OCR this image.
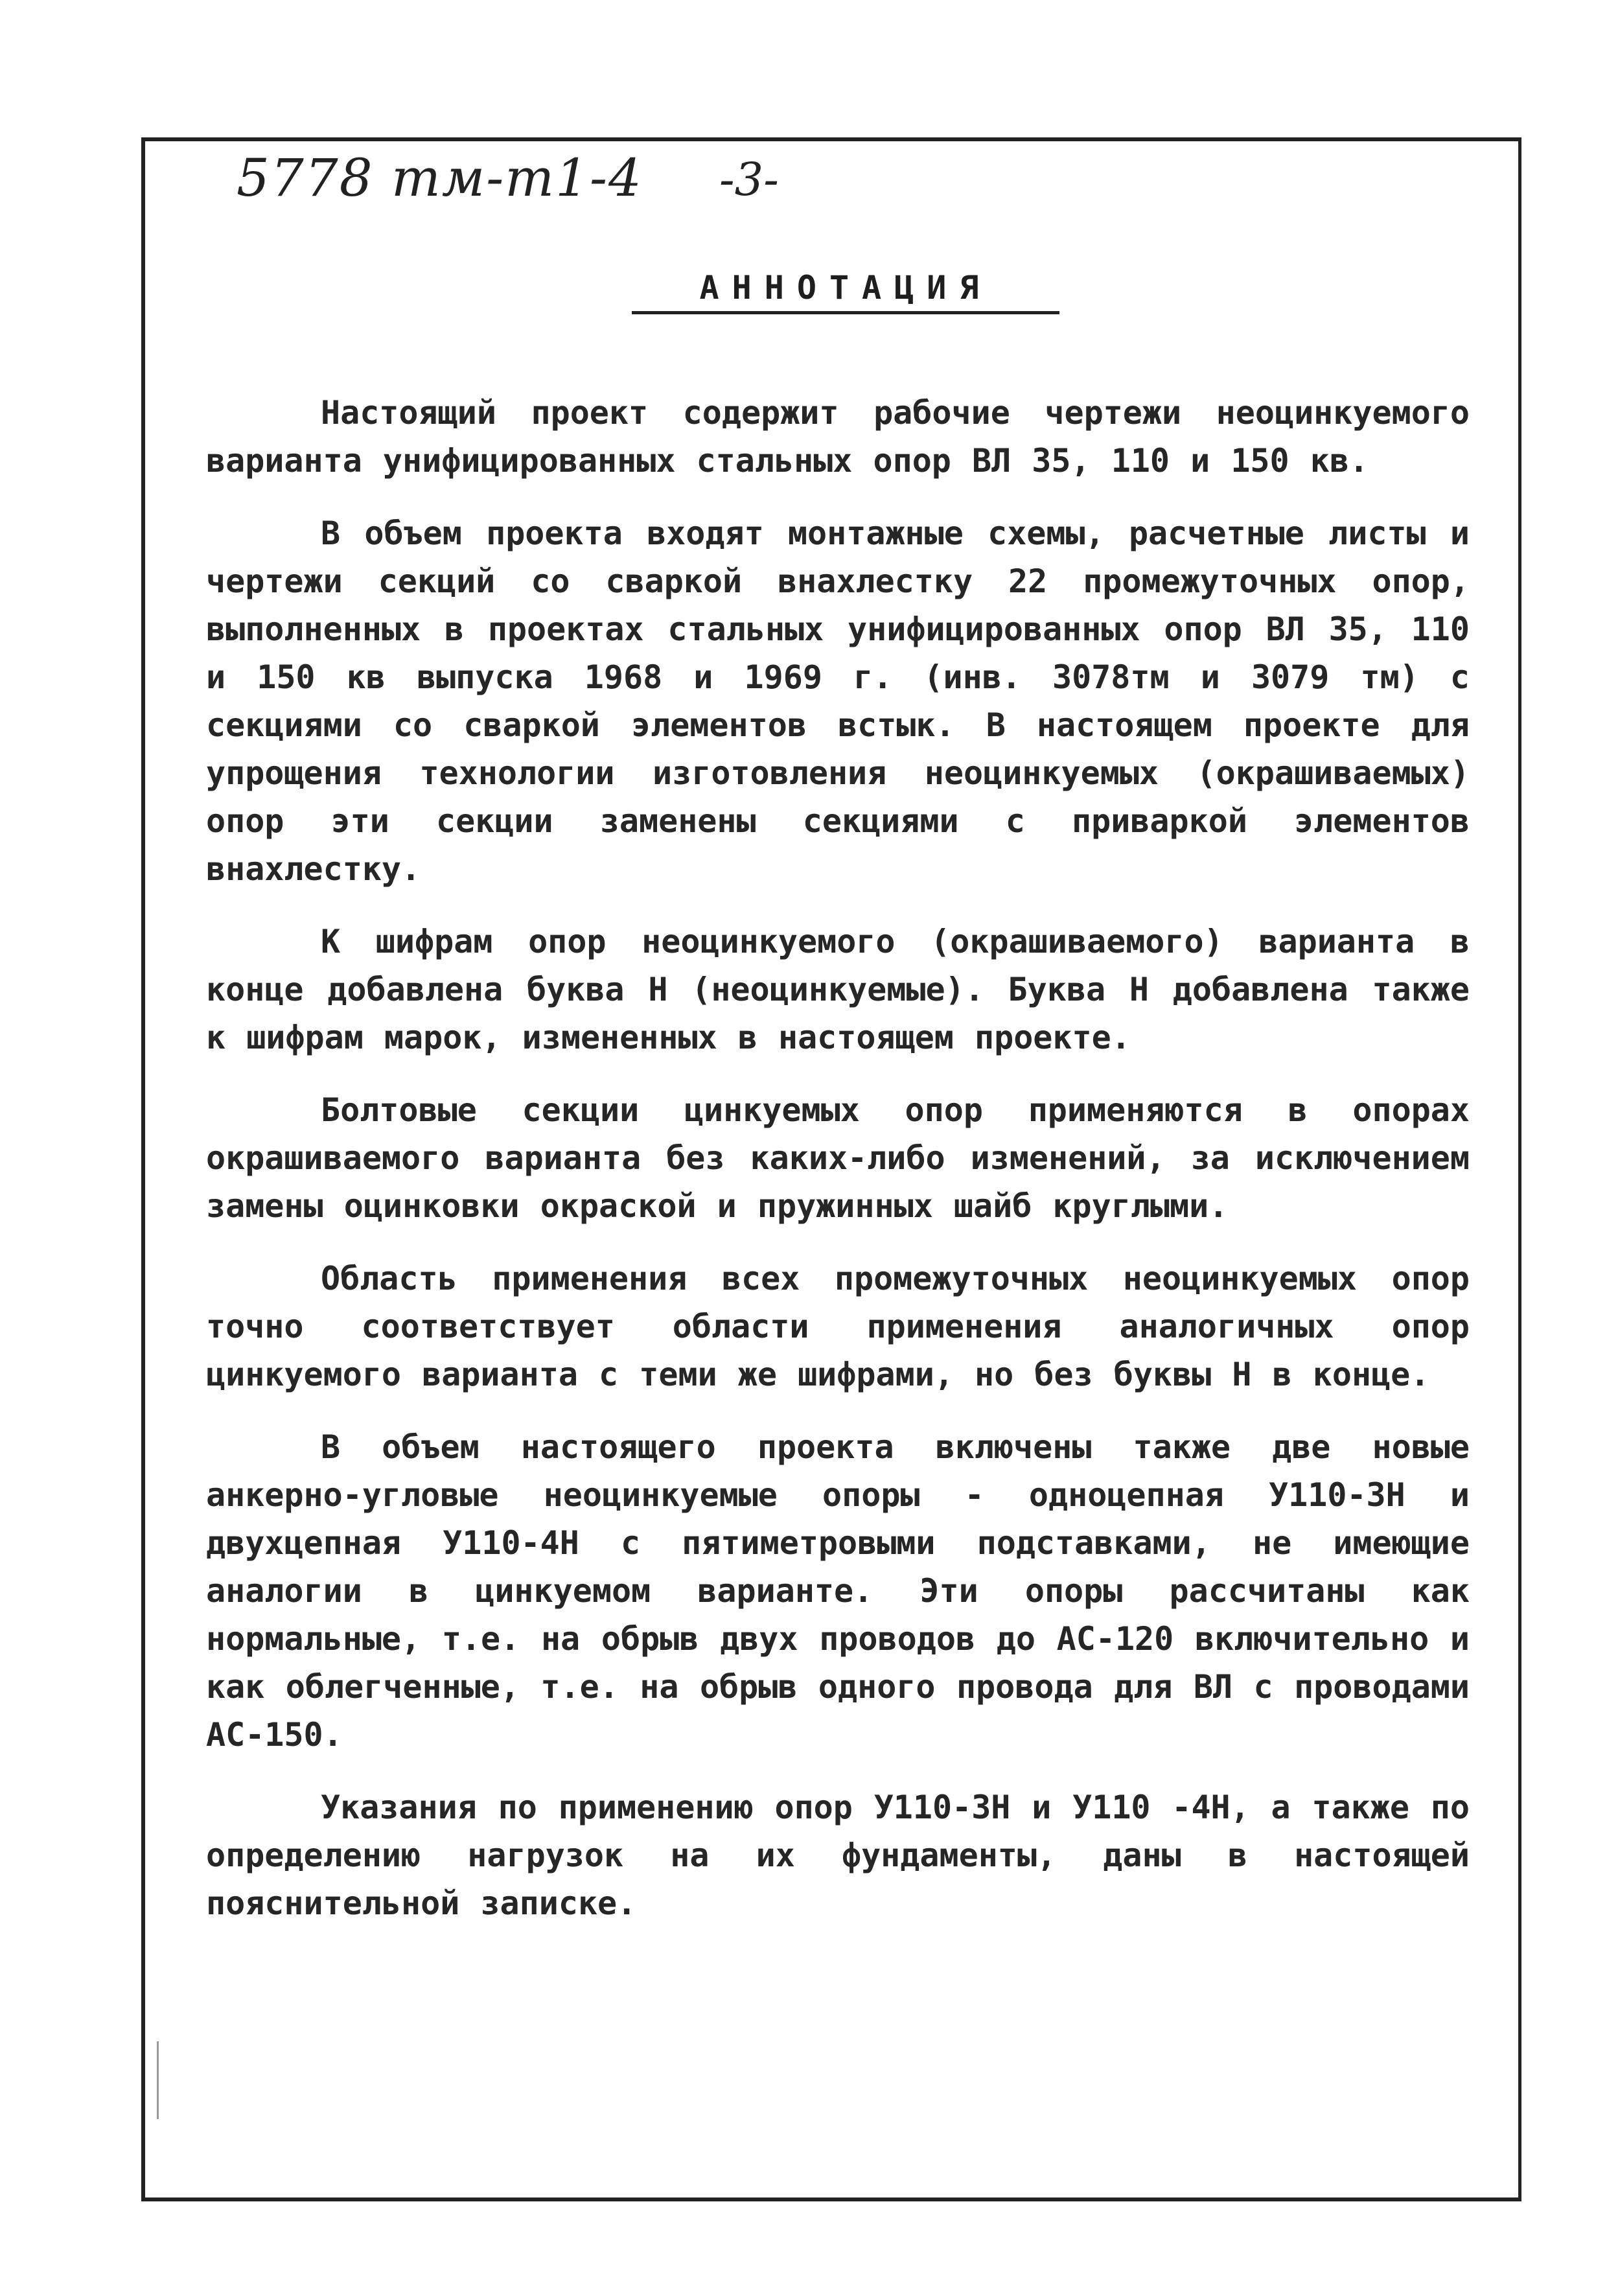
5778 тм-т1-4 -3-
АННОТАЦИЯ

Настоящий проект содержит рабочие чертежи неоцинкуемого варианта унифицированных стальных опор ВЛ 35, 110 и 150 кв.

В объем проекта входят монтажные схемы, расчетные листы и чертежи секций со сваркой внахлестку 22 промежуточных опор, выполненных в проектах стальных унифицированных опор ВЛ 35, 110 и 150 кв выпуска 1968 и 1969 г. (инв. 3078тм и 3079 тм) с секциями со сваркой элементов встык. В настоящем проекте для упрощения технологии изготовления неоцинкуемых (окрашиваемых) опор эти секции заменены секциями с приваркой элементов внахлестку.

К шифрам опор неоцинкуемого (окрашиваемого) варианта в конце добавлена буква Н (неоцинкуемые). Буква Н добавлена также к шифрам марок, измененных в настоящем проекте.

Болтовые секции цинкуемых опор применяются в опорах окрашиваемого варианта без каких-либо изменений, за исключением замены оцинковки окраской и пружинных шайб круглыми.

Область применения всех промежуточных неоцинкуемых опор точно соответствует области применения аналогичных опор цинкуемого варианта с теми же шифрами, но без буквы Н в конце.

В объем настоящего проекта включены также две новые анкерно-угловые неоцинкуемые опоры - одноцепная У110-3Н и двухцепная У110-4Н с пятиметровыми подставками, не имеющие аналогии в цинкуемом варианте. Эти опоры рассчитаны как нормальные, т.е. на обрыв двух проводов до АС-120 включительно и как облегченные, т.е. на обрыв одного провода для ВЛ с проводами АС-150.

Указания по применению опор У110-3Н и У110 -4Н, а также по определению нагрузок на их фундаменты, даны в настоящей пояснительной записке.
